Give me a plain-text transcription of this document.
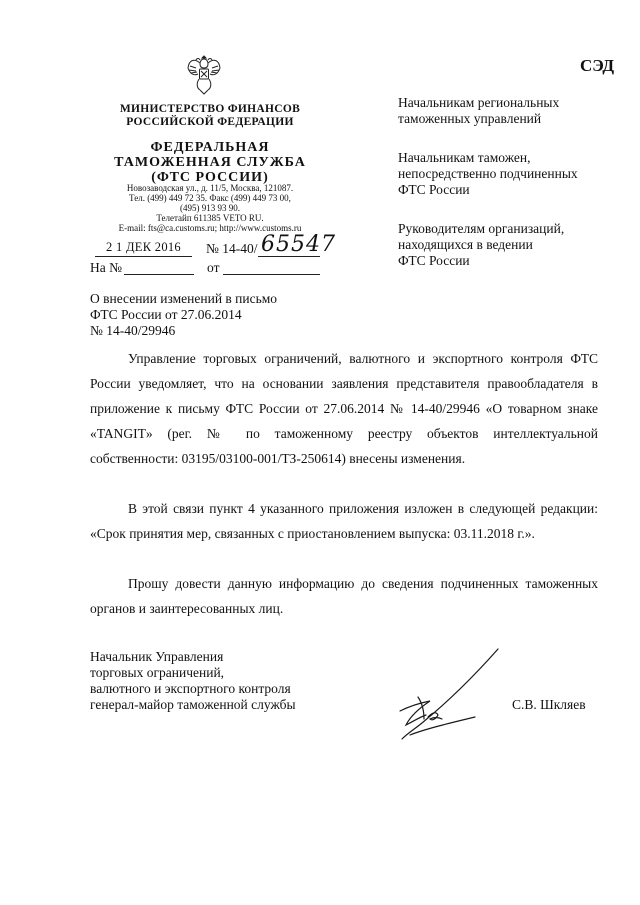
СЭД
МИНИСТЕРСТВО ФИНАНСОВ
РОССИЙСКОЙ ФЕДЕРАЦИИ
ФЕДЕРАЛЬНАЯ
ТАМОЖЕННАЯ СЛУЖБА
(ФТС РОССИИ)
Новозаводская ул., д. 11/5, Москва, 121087.
Тел. (499) 449 72 35. Факс (499) 449 73 00,
(495) 913 93 90.
Телетайп 611385 VETO RU.
E-mail: fts@ca.customs.ru; http://www.customs.ru
2 1 ДЕК 2016	№ 14-40/ 65547
На №	от
Начальникам региональных
таможенных управлений
Начальникам таможен,
непосредственно подчиненных
ФТС России
Руководителям организаций,
находящихся в ведении
ФТС России
О внесении изменений в письмо
ФТС России от 27.06.2014
№ 14-40/29946
Управление торговых ограничений, валютного и экспортного контроля ФТС России уведомляет, что на основании заявления представителя правообладателя в приложение к письму ФТС России от 27.06.2014 № 14-40/29946 «О товарном знаке «TANGIT» (рег. № по таможенному реестру объектов интеллектуальной собственности: 03195/03100-001/ТЗ-250614) внесены изменения.
В этой связи пункт 4 указанного приложения изложен в следующей редакции: «Срок принятия мер, связанных с приостановлением выпуска: 03.11.2018 г.».
Прошу довести данную информацию до сведения подчиненных таможенных органов и заинтересованных лиц.
Начальник Управления
торговых ограничений,
валютного и экспортного контроля
генерал-майор таможенной службы	С.В. Шкляев
